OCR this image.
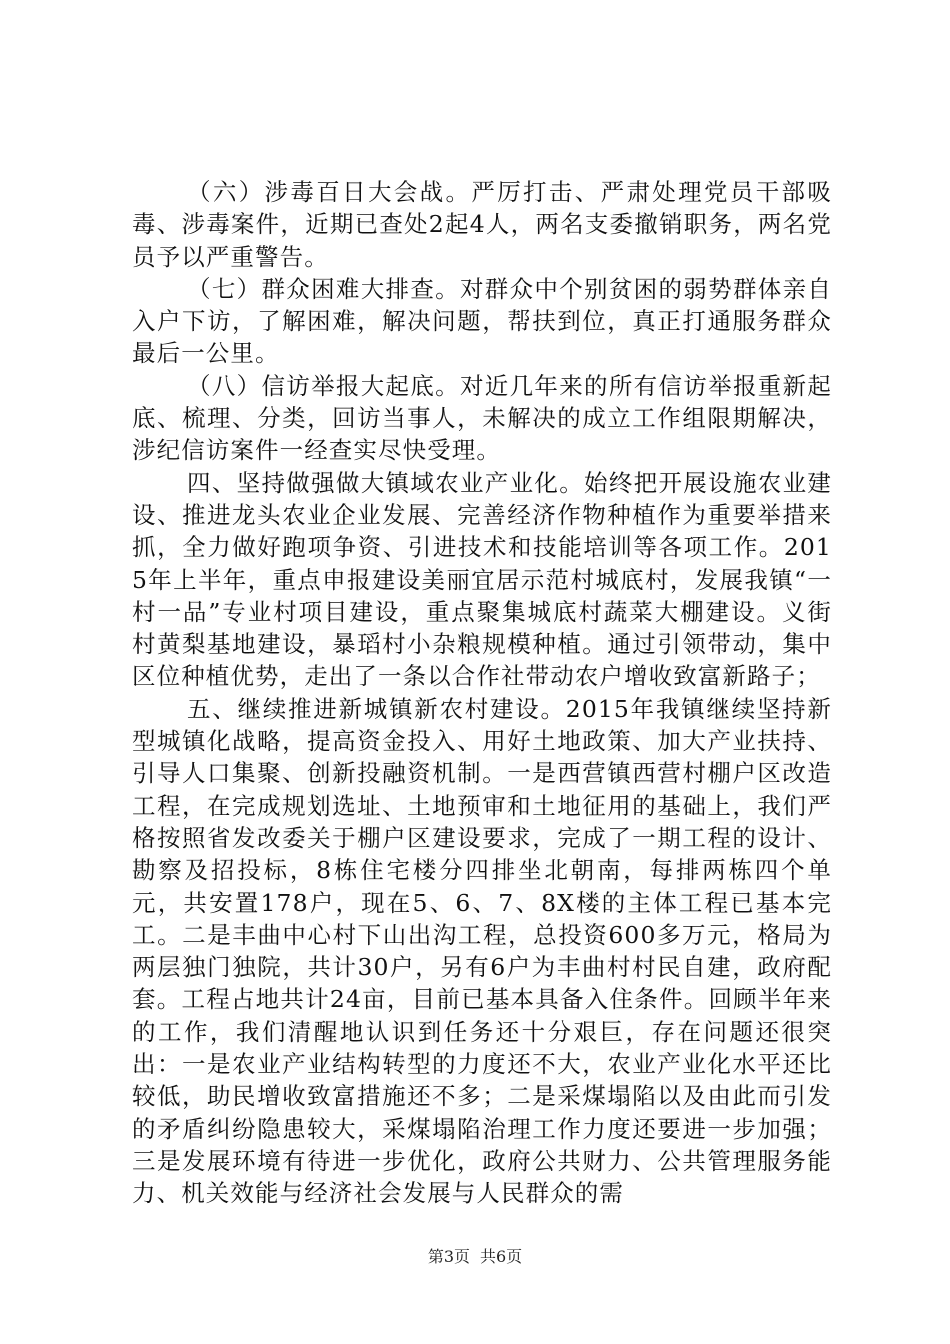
（六）涉毒百日大会战。严厉打击、严肃处理党员干部吸毒、涉毒案件，近期已查处2起4人，两名支委撤销职务，两名党员予以严重警告。

（七）群众困难大排查。对群众中个别贫困的弱势群体亲自入户下访，了解困难，解决问题，帮扶到位，真正打通服务群众最后一公里。

（八）信访举报大起底。对近几年来的所有信访举报重新起底、梳理、分类，回访当事人，未解决的成立工作组限期解决，涉纪信访案件一经查实尽快受理。

四、坚持做强做大镇域农业产业化。始终把开展设施农业建设、推进龙头农业企业发展、完善经济作物种植作为重要举措来抓，全力做好跑项争资、引进技术和技能培训等各项工作。2015年上半年，重点申报建设美丽宜居示范村城底村，发展我镇“一村一品”专业村项目建设，重点聚集城底村蔬菜大棚建设。义街村黄梨基地建设，暴瑫村小杂粮规模种植。通过引领带动，集中区位种植优势，走出了一条以合作社带动农户增收致富新路子；

五、继续推进新城镇新农村建设。2015年我镇继续坚持新型城镇化战略，提高资金投入、用好土地政策、加大产业扶持、引导人口集聚、创新投融资机制。一是西营镇西营村棚户区改造工程，在完成规划选址、土地预审和土地征用的基础上，我们严格按照省发改委关于棚户区建设要求，完成了一期工程的设计、勘察及招投标，8栋住宅楼分四排坐北朝南，每排两栋四个单元，共安置178户，现在5、6、7、8X楼的主体工程已基本完工。二是丰曲中心村下山出沟工程，总投资600多万元，格局为两层独门独院，共计30户，另有6户为丰曲村村民自建，政府配套。工程占地共计24亩，目前已基本具备入住条件。回顾半年来的工作，我们清醒地认识到任务还十分艰巨，存在问题还很突出：一是农业产业结构转型的力度还不大，农业产业化水平还比较低，助民增收致富措施还不多；二是采煤塌陷以及由此而引发的矛盾纠纷隐患较大，采煤塌陷治理工作力度还要进一步加强；三是发展环境有待进一步优化，政府公共财力、公共管理服务能力、机关效能与经济社会发展与人民群众的需

第3页 共6页
